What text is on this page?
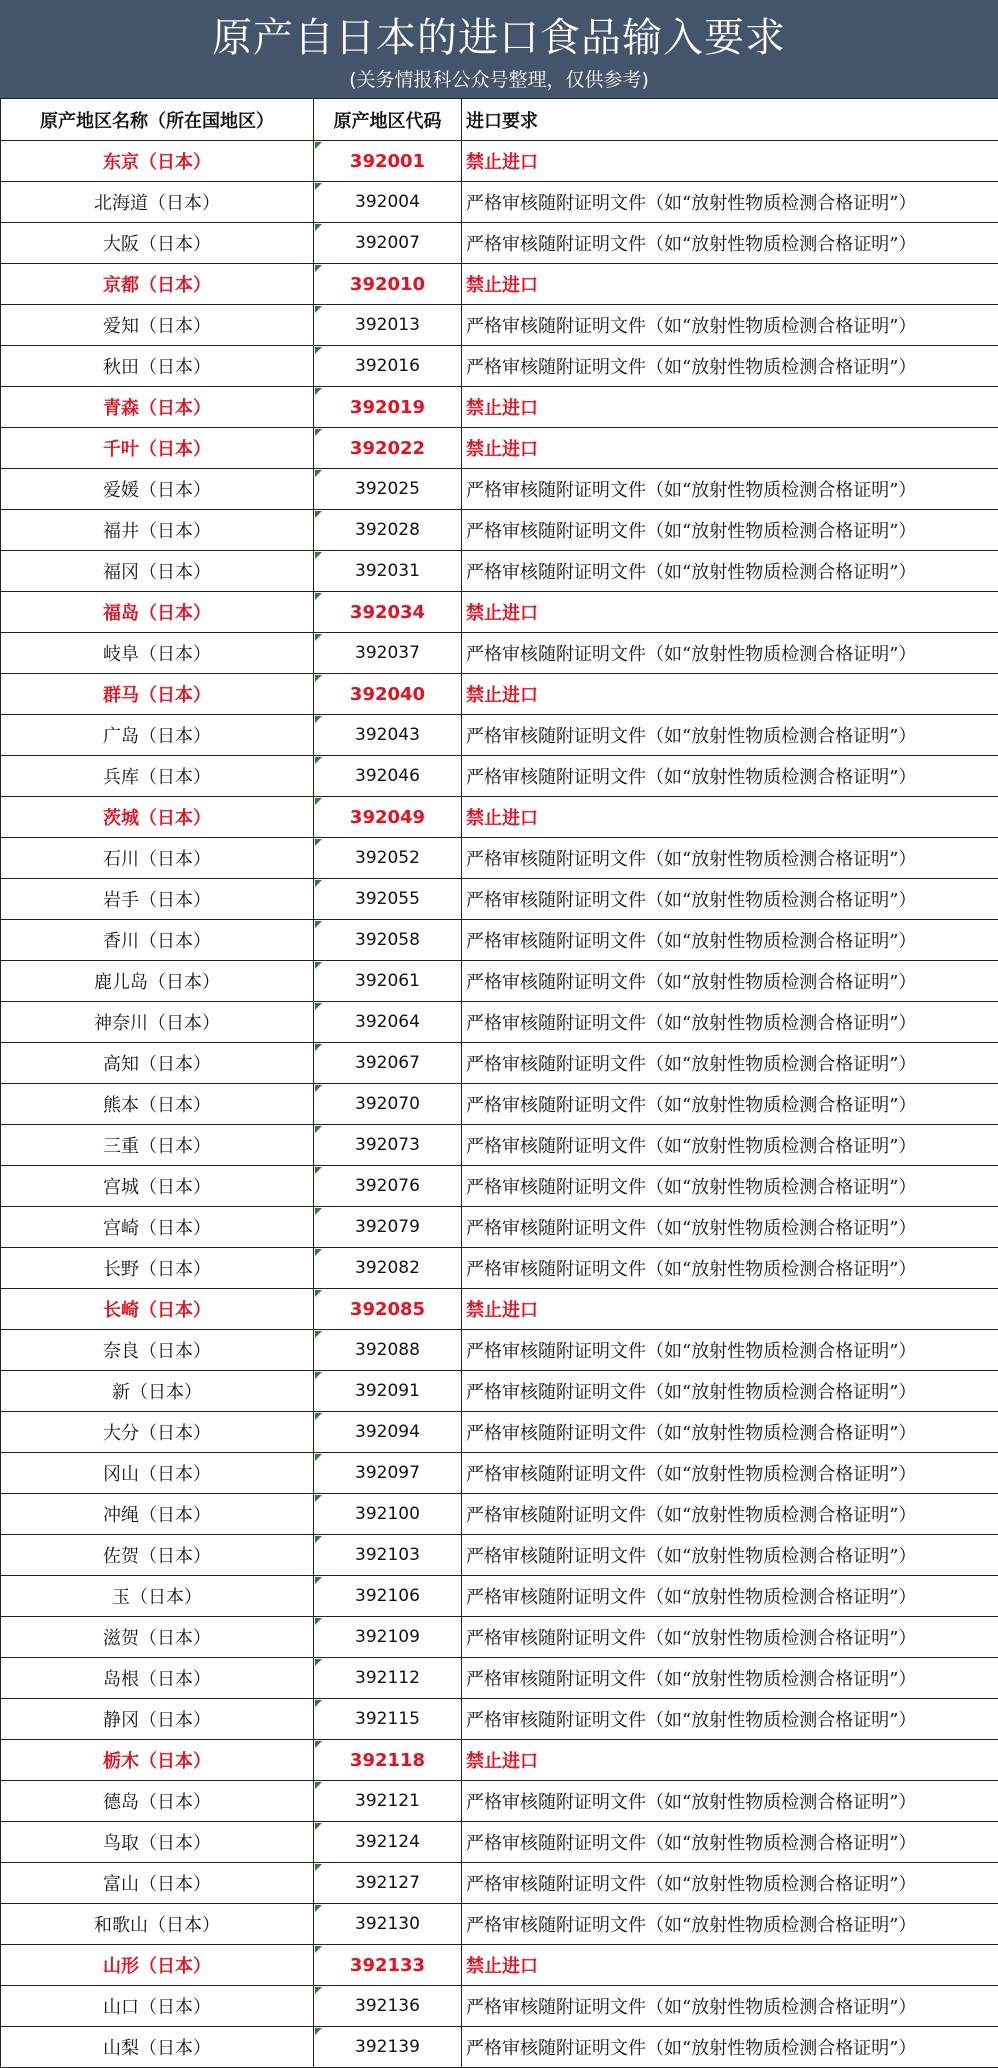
原产自日本的进口食品输入要求
(关务情报科公众号整理，仅供参考)
原产地区名称（所在国地区）	原产地区代码	进口要求
东京（日本）	392001	禁止进口
北海道（日本）	392004	严格审核随附证明文件（如“放射性物质检测合格证明”）
大阪（日本）	392007	严格审核随附证明文件（如“放射性物质检测合格证明”）
京都（日本）	392010	禁止进口
爱知（日本）	392013	严格审核随附证明文件（如“放射性物质检测合格证明”）
秋田（日本）	392016	严格审核随附证明文件（如“放射性物质检测合格证明”）
青森（日本）	392019	禁止进口
千叶（日本）	392022	禁止进口
爱媛（日本）	392025	严格审核随附证明文件（如“放射性物质检测合格证明”）
福井（日本）	392028	严格审核随附证明文件（如“放射性物质检测合格证明”）
福冈（日本）	392031	严格审核随附证明文件（如“放射性物质检测合格证明”）
福岛（日本）	392034	禁止进口
岐阜（日本）	392037	严格审核随附证明文件（如“放射性物质检测合格证明”）
群马（日本）	392040	禁止进口
广岛（日本）	392043	严格审核随附证明文件（如“放射性物质检测合格证明”）
兵库（日本）	392046	严格审核随附证明文件（如“放射性物质检测合格证明”）
茨城（日本）	392049	禁止进口
石川（日本）	392052	严格审核随附证明文件（如“放射性物质检测合格证明”）
岩手（日本）	392055	严格审核随附证明文件（如“放射性物质检测合格证明”）
香川（日本）	392058	严格审核随附证明文件（如“放射性物质检测合格证明”）
鹿儿岛（日本）	392061	严格审核随附证明文件（如“放射性物质检测合格证明”）
神奈川（日本）	392064	严格审核随附证明文件（如“放射性物质检测合格证明”）
高知（日本）	392067	严格审核随附证明文件（如“放射性物质检测合格证明”）
熊本（日本）	392070	严格审核随附证明文件（如“放射性物质检测合格证明”）
三重（日本）	392073	严格审核随附证明文件（如“放射性物质检测合格证明”）
宫城（日本）	392076	严格审核随附证明文件（如“放射性物质检测合格证明”）
宫崎（日本）	392079	严格审核随附证明文件（如“放射性物质检测合格证明”）
长野（日本）	392082	严格审核随附证明文件（如“放射性物质检测合格证明”）
长崎（日本）	392085	禁止进口
奈良（日本）	392088	严格审核随附证明文件（如“放射性物质检测合格证明”）
新（日本）	392091	严格审核随附证明文件（如“放射性物质检测合格证明”）
大分（日本）	392094	严格审核随附证明文件（如“放射性物质检测合格证明”）
冈山（日本）	392097	严格审核随附证明文件（如“放射性物质检测合格证明”）
冲绳（日本）	392100	严格审核随附证明文件（如“放射性物质检测合格证明”）
佐贺（日本）	392103	严格审核随附证明文件（如“放射性物质检测合格证明”）
玉（日本）	392106	严格审核随附证明文件（如“放射性物质检测合格证明”）
滋贺（日本）	392109	严格审核随附证明文件（如“放射性物质检测合格证明”）
岛根（日本）	392112	严格审核随附证明文件（如“放射性物质检测合格证明”）
静冈（日本）	392115	严格审核随附证明文件（如“放射性物质检测合格证明”）
栃木（日本）	392118	禁止进口
德岛（日本）	392121	严格审核随附证明文件（如“放射性物质检测合格证明”）
鸟取（日本）	392124	严格审核随附证明文件（如“放射性物质检测合格证明”）
富山（日本）	392127	严格审核随附证明文件（如“放射性物质检测合格证明”）
和歌山（日本）	392130	严格审核随附证明文件（如“放射性物质检测合格证明”）
山形（日本）	392133	禁止进口
山口（日本）	392136	严格审核随附证明文件（如“放射性物质检测合格证明”）
山梨（日本）	392139	严格审核随附证明文件（如“放射性物质检测合格证明”）
